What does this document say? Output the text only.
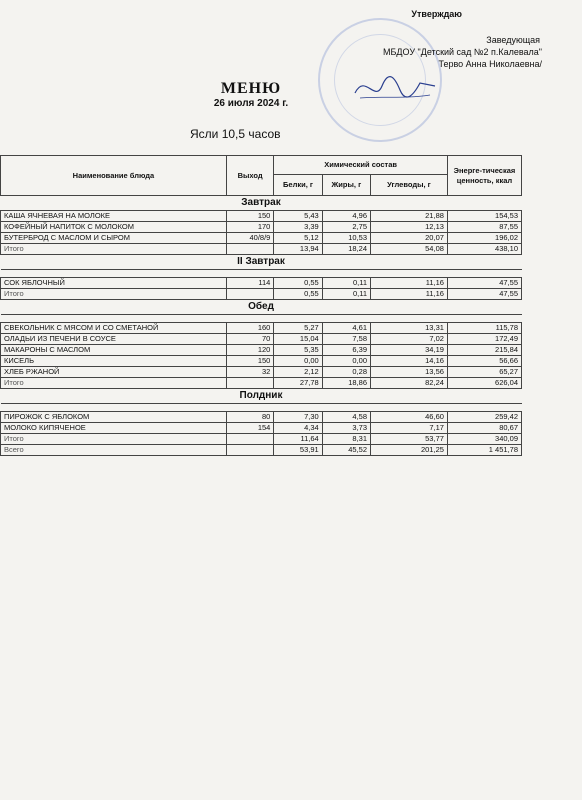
Утверждаю
Заведующая
МБДОУ "Детский сад №2 п.Калевала"
Терво Анна Николаевна/
МЕНЮ
26 июля 2024 г.
Ясли 10,5 часов
Наименование блюда	Выход	Химический состав			Энерге-тическая ценность, ккал
		Белки, г	Жиры, г	Углеводы, г	
Завтрак					
КАША ЯЧНЕВАЯ НА МОЛОКЕ	150	5,43	4,96	21,88	154,53
КОФЕЙНЫЙ НАПИТОК С МОЛОКОМ	170	3,39	2,75	12,13	87,55
БУТЕРБРОД С МАСЛОМ И СЫРОМ	40/8/9	5,12	10,53	20,07	196,02
Итого		13,94	18,24	54,08	438,10
II Завтрак					

СОК ЯБЛОЧНЫЙ	114	0,55	0,11	11,16	47,55
Итого		0,55	0,11	11,16	47,55
Обед					

СВЕКОЛЬНИК С МЯСОМ И СО СМЕТАНОЙ	160	5,27	4,61	13,31	115,78
ОЛАДЬИ ИЗ ПЕЧЕНИ В СОУСЕ	70	15,04	7,58	7,02	172,49
МАКАРОНЫ С МАСЛОМ	120	5,35	6,39	34,19	215,84
КИСЕЛЬ	150	0,00	0,00	14,16	56,66
ХЛЕБ РЖАНОЙ	32	2,12	0,28	13,56	65,27
Итого		27,78	18,86	82,24	626,04
Полдник					

ПИРОЖОК С ЯБЛОКОМ	80	7,30	4,58	46,60	259,42
МОЛОКО КИПЯЧЕНОЕ	154	4,34	3,73	7,17	80,67
Итого		11,64	8,31	53,77	340,09
Всего		53,91	45,52	201,25	1 451,78
